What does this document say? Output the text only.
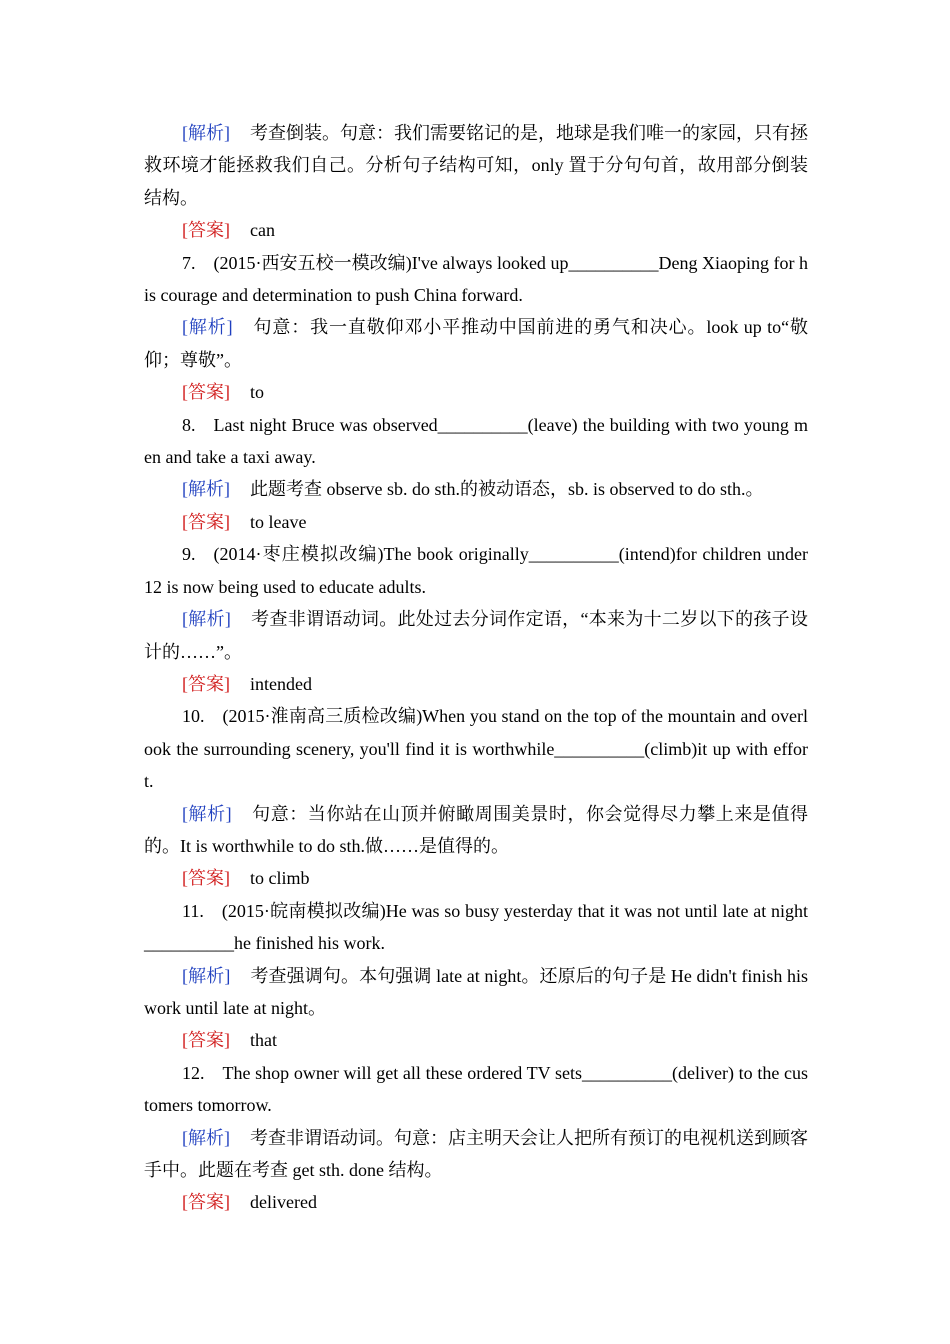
[解析] 考查倒装。句意：我们需要铭记的是，地球是我们唯一的家园，只有拯救环境才能拯救我们自己。分析句子结构可知，only 置于分句句首，故用部分倒装结构。

[答案] can

7. (2015·西安五校一模改编)I've always looked up__________Deng Xiaoping for his courage and determination to push China forward.

[解析] 句意：我一直敬仰邓小平推动中国前进的勇气和决心。look up to“敬仰；尊敬”。

[答案] to

8. Last night Bruce was observed__________(leave) the building with two young men and take a taxi away.

[解析] 此题考查 observe sb. do sth.的被动语态，sb. is observed to do sth.。

[答案] to leave

9. (2014·枣庄模拟改编)The book originally__________(intend)for children under 12 is now being used to educate adults.

[解析] 考查非谓语动词。此处过去分词作定语，“本来为十二岁以下的孩子设计的……”。

[答案] intended

10. (2015·淮南高三质检改编)When you stand on the top of the mountain and overlook the surrounding scenery, you'll find it is worthwhile__________(climb)it up with effort.

[解析] 句意：当你站在山顶并俯瞰周围美景时，你会觉得尽力攀上来是值得的。It is worthwhile to do sth.做……是值得的。

[答案] to climb

11. (2015·皖南模拟改编)He was so busy yesterday that it was not until late at night__________he finished his work.

[解析] 考查强调句。本句强调 late at night。还原后的句子是 He didn't finish his work until late at night。

[答案] that

12. The shop owner will get all these ordered TV sets__________(deliver) to the customers tomorrow.

[解析] 考查非谓语动词。句意：店主明天会让人把所有预订的电视机送到顾客手中。此题在考查 get sth. done 结构。

[答案] delivered
